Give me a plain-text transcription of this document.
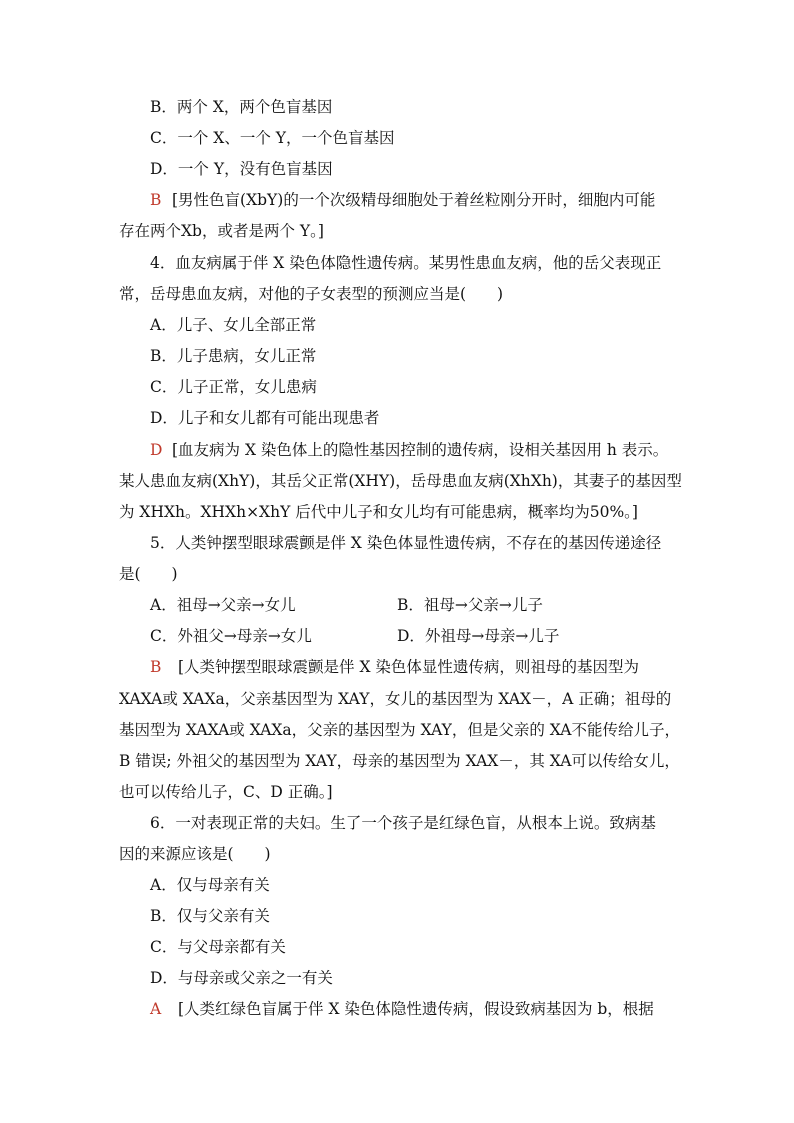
B．两个 X，两个色盲基因
C．一个 X、一个 Y，一个色盲基因
D．一个 Y，没有色盲基因
B [男性色盲(XbY)的一个次级精母细胞处于着丝粒刚分开时，细胞内可能
存在两个Xb，或者是两个 Y。]
4．血友病属于伴 X 染色体隐性遗传病。某男性患血友病，他的岳父表现正
常，岳母患血友病，对他的子女表型的预测应当是(　　)
A．儿子、女儿全部正常
B．儿子患病，女儿正常
C．儿子正常，女儿患病
D．儿子和女儿都有可能出现患者
D [血友病为 X 染色体上的隐性基因控制的遗传病，设相关基因用 h 表示。
某人患血友病(XhY)，其岳父正常(XHY)，岳母患血友病(XhXh)，其妻子的基因型
为 XHXh。XHXh×XhY 后代中儿子和女儿均有可能患病，概率均为50%。]
5．人类钟摆型眼球震颤是伴 X 染色体显性遗传病，不存在的基因传递途径
是(　　)
A．祖母→父亲→女儿	B．祖母→父亲→儿子
C．外祖父→母亲→女儿	D．外祖母→母亲→儿子
B [人类钟摆型眼球震颤是伴 X 染色体显性遗传病，则祖母的基因型为
XAXA或 XAXa，父亲基因型为 XAY，女儿的基因型为 XAX－，A 正确；祖母的
基因型为 XAXA或 XAXa，父亲的基因型为 XAY，但是父亲的 XA不能传给儿子，
B 错误; 外祖父的基因型为 XAY，母亲的基因型为 XAX－，其 XA可以传给女儿，
也可以传给儿子，C、D 正确。]
6．一对表现正常的夫妇。生了一个孩子是红绿色盲，从根本上说。致病基
因的来源应该是(　　)
A．仅与母亲有关
B．仅与父亲有关
C．与父母亲都有关
D．与母亲或父亲之一有关
A [人类红绿色盲属于伴 X 染色体隐性遗传病，假设致病基因为 b，根据
